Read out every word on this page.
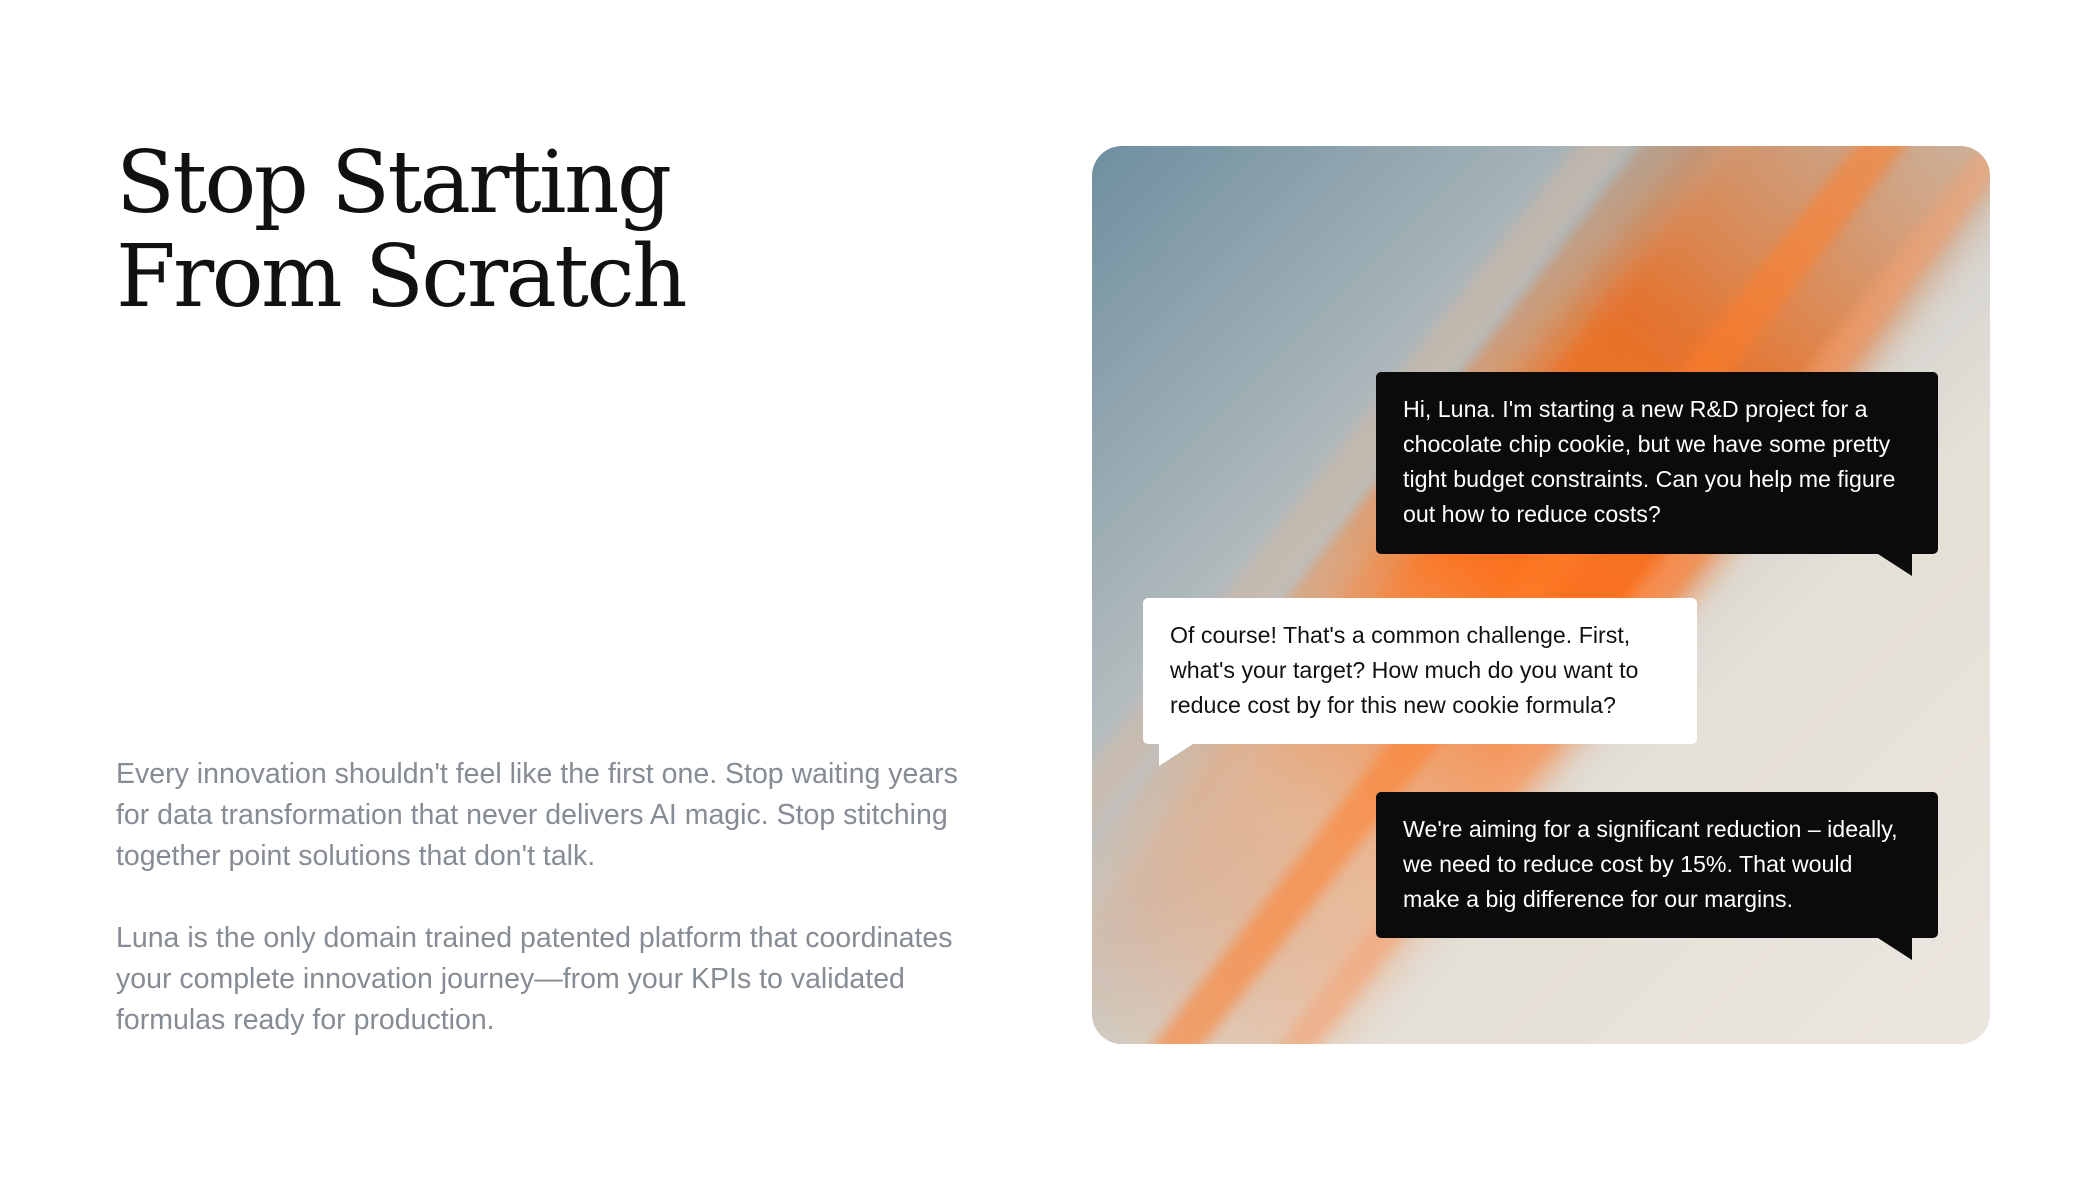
Stop Starting
From Scratch

Every innovation shouldn't feel like the first one. Stop waiting years for data transformation that never delivers AI magic. Stop stitching together point solutions that don't talk.

Luna is the only domain trained patented platform that coordinates your complete innovation journey—from your KPIs to validated formulas ready for production.

Hi, Luna. I'm starting a new R&D project for a chocolate chip cookie, but we have some pretty tight budget constraints. Can you help me figure out how to reduce costs?
Of course! That's a common challenge. First, what's your target? How much do you want to reduce cost by for this new cookie formula?
We're aiming for a significant reduction – ideally, we need to reduce cost by 15%. That would make a big difference for our margins.
